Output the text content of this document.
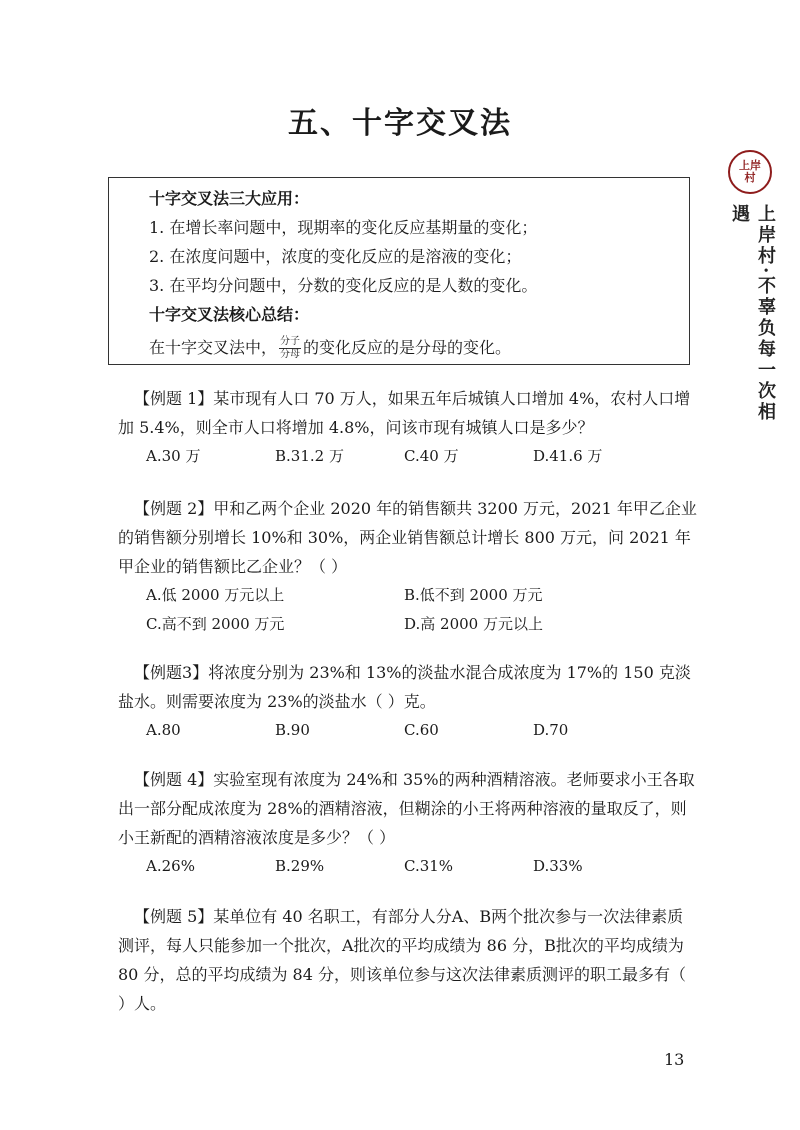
五、十字交叉法
上岸村
上岸村·不辜负每一次相遇
十字交叉法三大应用：
1. 在增长率问题中，现期率的变化反应基期量的变化；
2. 在浓度问题中，浓度的变化反应的是溶液的变化；
3. 在平均分问题中，分数的变化反应的是人数的变化。
十字交叉法核心总结：
在十字交叉法中， $\frac{\text{分子}}{\text{分母}}$ 的变化反应的是分母的变化。

【例题 1】某市现有人口 70 万人，如果五年后城镇人口增加 4%，农村人口增加 5.4%，则全市人口将增加 4.8%，问该市现有城镇人口是多少？

A.30 万	B.31.2 万	C.40 万	D.41.6 万

【例题 2】甲和乙两个企业 2020 年的销售额共 3200 万元，2021 年甲乙企业的销售额分别增长 10%和 30%，两企业销售额总计增长 800 万元，问 2021 年甲企业的销售额比乙企业？（ ）

A.低 2000 万元以上	B.低不到 2000 万元
C.高不到 2000 万元	D.高 2000 万元以上

【例题3】将浓度分别为 23%和 13%的淡盐水混合成浓度为 17%的 150 克淡盐水。则需要浓度为 23%的淡盐水（ ）克。

A.80	B.90	C.60	D.70

【例题 4】实验室现有浓度为 24%和 35%的两种酒精溶液。老师要求小王各取出一部分配成浓度为 28%的酒精溶液，但糊涂的小王将两种溶液的量取反了，则小王新配的酒精溶液浓度是多少？（ ）

A.26%	B.29%	C.31%	D.33%

【例题 5】某单位有 40 名职工，有部分人分A、B两个批次参与一次法律素质测评，每人只能参加一个批次，A批次的平均成绩为 86 分，B批次的平均成绩为 80 分，总的平均成绩为 84 分，则该单位参与这次法律素质测评的职工最多有（ ）人。

13
